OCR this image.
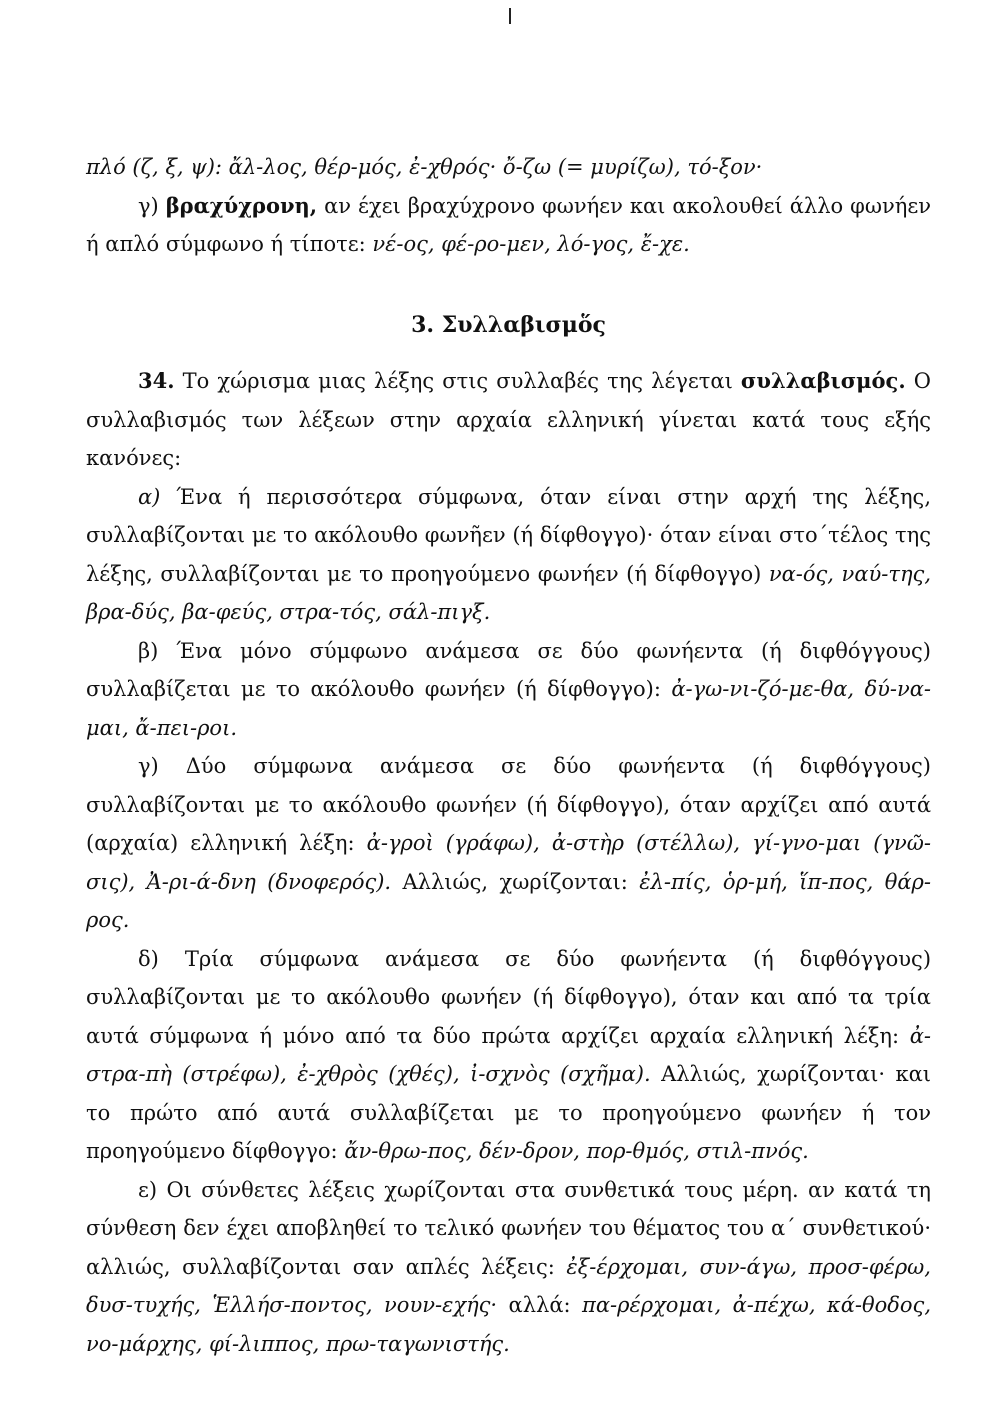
πλό (ζ, ξ, ψ): ἄλ-λος, θέρ-μός, ἐ-χθρός· ὄ-ζω (= μυρίζω), τό-ξον·

γ) βραχύχρονη, αν έχει βραχύχρονο φωνήεν και ακολουθεί άλλο φωνήεν ή απλό σύμφωνο ή τίποτε: νέ-ος, φέ-ρο-μεν, λό-γος, ἔ-χε.

3. Συλλαβισμὅς

34. Το χώρισμα μιας λέξης στις συλλαβές της λέγεται συλλαβισμός. Ο συλλαβισμός των λέξεων στην αρχαία ελληνική γίνεται κατά τους εξής κανόνες:

α) Ένα ή περισσότερα σύμφωνα, όταν είναι στην αρχή της λέξης, συλλαβίζονται με το ακόλουθο φωνῆεν (ή δίφθογγο)· όταν είναι στο΄τέλος της λέξης, συλλαβίζονται με το προηγούμενο φωνήεν (ή δίφθογγο) να-ός, ναύ-της, βρα-δύς, βα-φεύς, στρα-τός, σάλ-πιγξ.

β) Ένα μόνο σύμφωνο ανάμεσα σε δύο φωνήεντα (ή διφθόγγους) συλλαβίζεται με το ακόλουθο φωνήεν (ή δίφθογγο): ἀ-γω-νι-ζό-με-θα, δύ-να-μαι, ἄ-πει-ροι.

γ) Δύο σύμφωνα ανάμεσα σε δύο φωνήεντα (ή διφθόγγους) συλλαβίζονται με το ακόλουθο φωνήεν (ή δίφθογγο), όταν αρχίζει από αυτά (αρχαία) ελληνική λέξη: ἀ-γροὶ (γράφω), ἀ-στὴρ (στέλλω), γί-γνο-μαι (γνῶ-σις), Ἀ-ρι-ά-δνη (δνοφερός). Αλλιώς, χωρίζονται: ἐλ-πίς, ὁρ-μή, ἵπ-πος, θάρ-ρος.

δ) Τρία σύμφωνα ανάμεσα σε δύο φωνήεντα (ή διφθόγγους) συλλαβίζονται με το ακόλουθο φωνήεν (ή δίφθογγο), όταν και από τα τρία αυτά σύμφωνα ή μόνο από τα δύο πρώτα αρχίζει αρχαία ελληνική λέξη: ἀ-στρα-πὴ (στρέφω), ἐ-χθρὸς (χθές), ἰ-σχνὸς (σχῆμα). Αλλιώς, χωρίζονται· και το πρώτο από αυτά συλλαβίζεται με το προηγούμενο φωνήεν ή τον προηγούμενο δίφθογγο: ἄν-θρω-πος, δέν-δρον, πορ-θμός, στιλ-πνός.

ε) Οι σύνθετες λέξεις χωρίζονται στα συνθετικά τους μέρη. αν κατά τη σύνθεση δεν έχει αποβληθεί το τελικό φωνήεν του θέματος του α΄ συνθετικού· αλλιώς, συλλαβίζονται σαν απλές λέξεις: ἐξ-έρχομαι, συν-άγω, προσ-φέρω, δυσ-τυχής, Ἑλλήσ-ποντος, νουν-εχής· αλλά: πα-ρέρχομαι, ἀ-πέχω, κά-θοδος, νο-μάρχης, φί-λιππος, πρω-ταγωνιστής.
